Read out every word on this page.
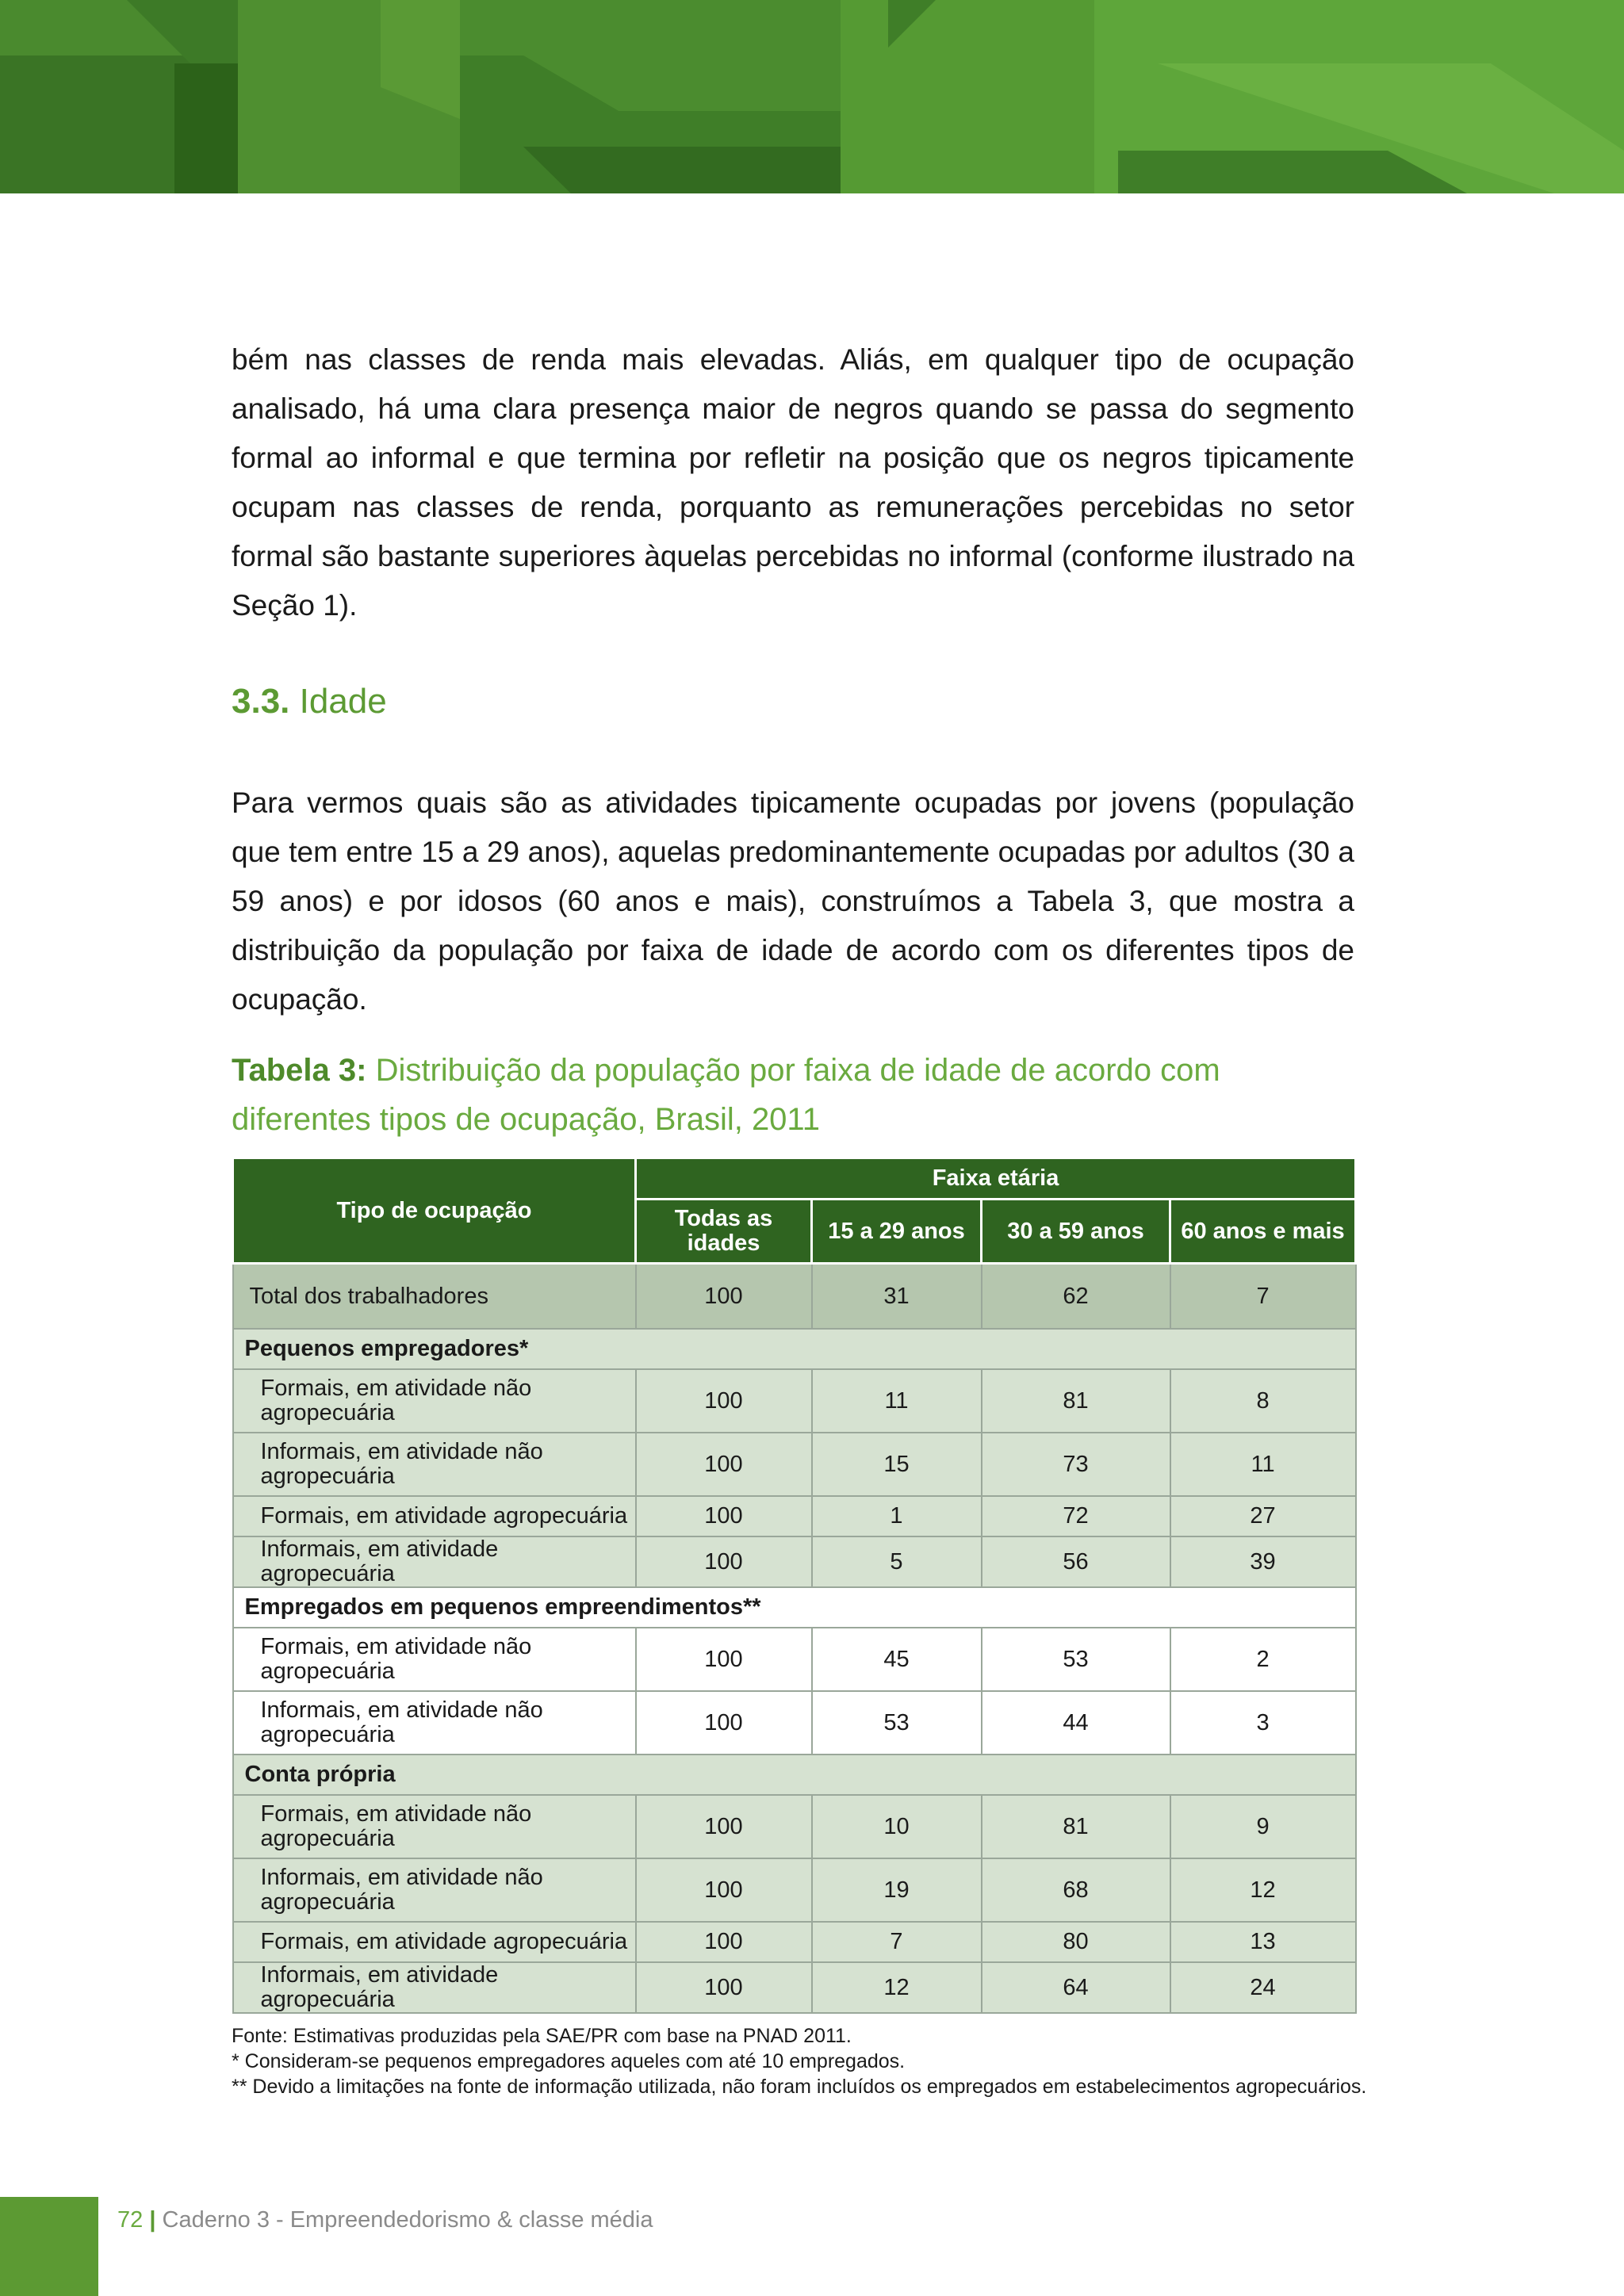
bém nas classes de renda mais elevadas. Aliás, em qualquer tipo de ocupação analisado, há uma clara presença maior de negros quando se passa do segmento formal ao informal e que termina por refletir na posição que os negros tipicamente ocupam nas classes de renda, porquanto as remunerações percebidas no setor formal são bastante superiores àquelas percebidas no informal (conforme ilustrado na Seção 1).

3.3. Idade

Para vermos quais são as atividades tipicamente ocupadas por jovens (população que tem entre 15 a 29 anos), aquelas predominantemente ocupadas por adultos (30 a 59 anos) e por idosos (60 anos e mais), construímos a Tabela 3, que mostra a distribuição da população por faixa de idade de acordo com os diferentes tipos de ocupação.

Tabela 3: Distribuição da população por faixa de idade de acordo com diferentes tipos de ocupação, Brasil, 2011
Tipo de ocupação	Faixa etária			
	Todas as idades	15 a 29 anos	30 a 59 anos	60 anos e mais
Total dos trabalhadores	100	31	62	7
Pequenos empregadores*				
Formais, em atividade não agropecuária	100	11	81	8
Informais, em atividade não agropecuária	100	15	73	11
Formais, em atividade agropecuária	100	1	72	27
Informais, em atividade agropecuária	100	5	56	39
Empregados em pequenos empreendimentos**				
Formais, em atividade não agropecuária	100	45	53	2
Informais, em atividade não agropecuária	100	53	44	3
Conta própria				
Formais, em atividade não agropecuária	100	10	81	9
Informais, em atividade não agropecuária	100	19	68	12
Formais, em atividade agropecuária	100	7	80	13
Informais, em atividade agropecuária	100	12	64	24
Fonte: Estimativas produzidas pela SAE/PR com base na PNAD 2011.
* Consideram-se pequenos empregadores aqueles com até 10 empregados.
** Devido a limitações na fonte de informação utilizada, não foram incluídos os empregados em estabelecimentos agropecuários.
72 | Caderno 3 - Empreendedorismo & classe média
